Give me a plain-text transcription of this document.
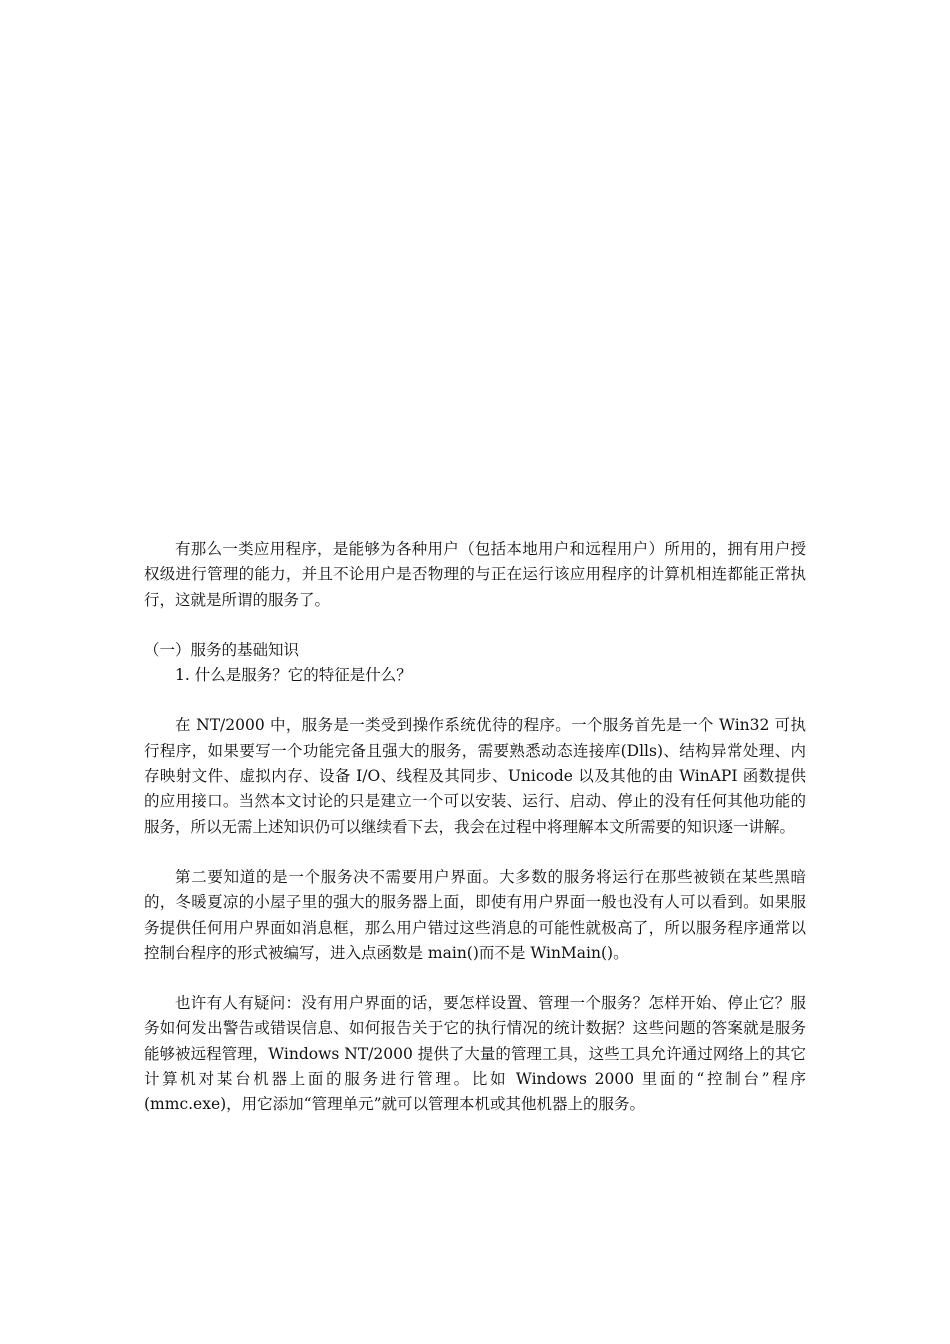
有那么一类应用程序，是能够为各种用户（包括本地用户和远程用户）所用的，拥有用户授权级进行管理的能力，并且不论用户是否物理的与正在运行该应用程序的计算机相连都能正常执行，这就是所谓的服务了。

（一）服务的基础知识

1. 什么是服务？它的特征是什么？

在 NT/2000 中，服务是一类受到操作系统优待的程序。一个服务首先是一个 Win32 可执行程序，如果要写一个功能完备且强大的服务，需要熟悉动态连接库(Dlls)、结构异常处理、内存映射文件、虚拟内存、设备 I/O、线程及其同步、Unicode 以及其他的由 WinAPI 函数提供的应用接口。当然本文讨论的只是建立一个可以安装、运行、启动、停止的没有任何其他功能的服务，所以无需上述知识仍可以继续看下去，我会在过程中将理解本文所需要的知识逐一讲解。

第二要知道的是一个服务决不需要用户界面。大多数的服务将运行在那些被锁在某些黑暗的，冬暖夏凉的小屋子里的强大的服务器上面，即使有用户界面一般也没有人可以看到。如果服务提供任何用户界面如消息框，那么用户错过这些消息的可能性就极高了，所以服务程序通常以控制台程序的形式被编写，进入点函数是 main()而不是 WinMain()。

也许有人有疑问：没有用户界面的话，要怎样设置、管理一个服务？怎样开始、停止它？服务如何发出警告或错误信息、如何报告关于它的执行情况的统计数据？这些问题的答案就是服务能够被远程管理，Windows NT/2000 提供了大量的管理工具，这些工具允许通过网络上的其它计算机对某台机器上面的服务进行管理。比如 Windows 2000 里面的“控制台”程序(mmc.exe)，用它添加“管理单元”就可以管理本机或其他机器上的服务。
